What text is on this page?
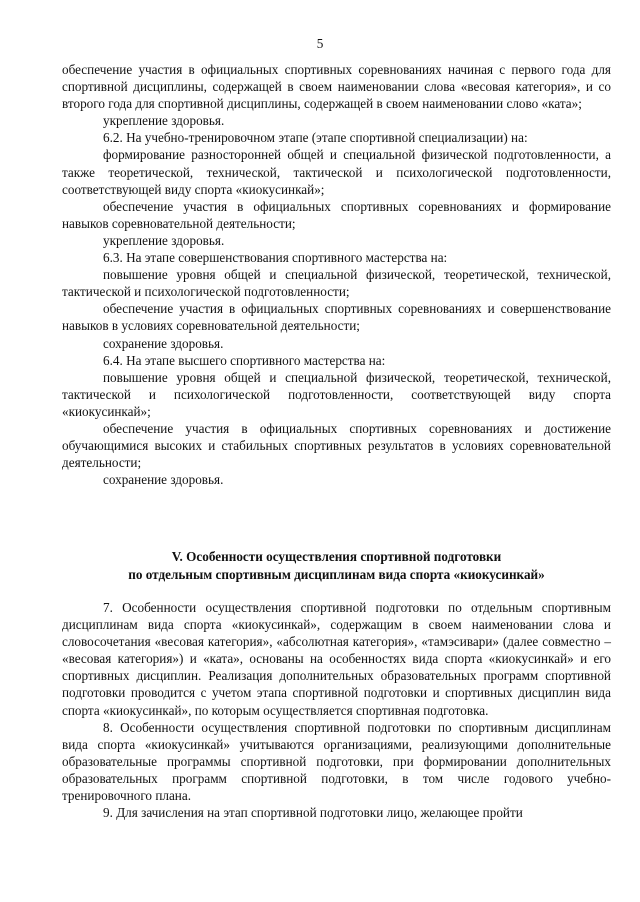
5

обеспечение участия в официальных спортивных соревнованиях начиная с первого года для спортивной дисциплины, содержащей в своем наименовании слова «весовая категория», и со второго года для спортивной дисциплины, содержащей в своем наименовании слово «ката»;

укрепление здоровья.

6.2. На учебно-тренировочном этапе (этапе спортивной специализации) на:

формирование разносторонней общей и специальной физической подготовленности, а также теоретической, технической, тактической и психологической подготовленности, соответствующей виду спорта «киокусинкай»;

обеспечение участия в официальных спортивных соревнованиях и формирование навыков соревновательной деятельности;

укрепление здоровья.

6.3. На этапе совершенствования спортивного мастерства на:

повышение уровня общей и специальной физической, теоретической, технической, тактической и психологической подготовленности;

обеспечение участия в официальных спортивных соревнованиях и совершенствование навыков в условиях соревновательной деятельности;

сохранение здоровья.

6.4. На этапе высшего спортивного мастерства на:

повышение уровня общей и специальной физической, теоретической, технической, тактической и психологической подготовленности, соответствующей виду спорта «киокусинкай»;

обеспечение участия в официальных спортивных соревнованиях и достижение обучающимися высоких и стабильных спортивных результатов в условиях соревновательной деятельности;

сохранение здоровья.

V. Особенности осуществления спортивной подготовки
по отдельным спортивным дисциплинам вида спорта «киокусинкай»

7. Особенности осуществления спортивной подготовки по отдельным спортивным дисциплинам вида спорта «киокусинкай», содержащим в своем наименовании слова и словосочетания «весовая категория», «абсолютная категория», «тамэсивари» (далее совместно – «весовая категория») и «ката», основаны на особенностях вида спорта «киокусинкай» и его спортивных дисциплин. Реализация дополнительных образовательных программ спортивной подготовки проводится с учетом этапа спортивной подготовки и спортивных дисциплин вида спорта «киокусинкай», по которым осуществляется спортивная подготовка.

8. Особенности осуществления спортивной подготовки по спортивным дисциплинам вида спорта «киокусинкай» учитываются организациями, реализующими дополнительные образовательные программы спортивной подготовки, при формировании дополнительных образовательных программ спортивной подготовки, в том числе годового учебно-тренировочного плана.

9. Для зачисления на этап спортивной подготовки лицо, желающее пройти
